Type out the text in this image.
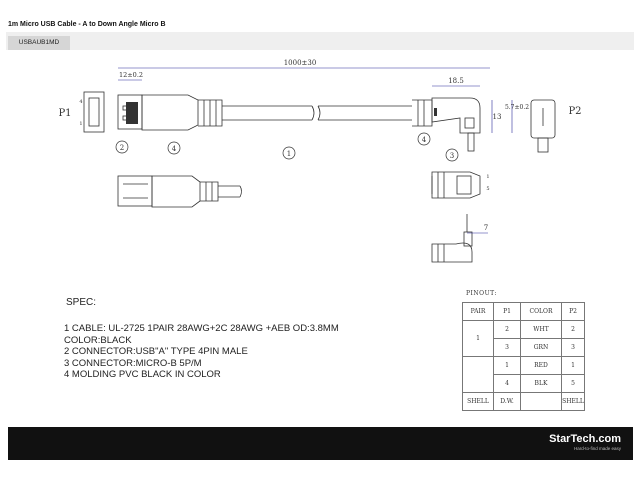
1m Micro USB Cable - A to Down Angle Micro B
USBAUB1MD
2	4
1
4
3
P1	P2
1000±30
12±0.2
18.5
13
5.7±0.2
7
4
1
5
1
SPEC:
1 CABLE: UL-2725 1PAIR 28AWG+2C 28AWG +AEB OD:3.8MM
COLOR:BLACK
2 CONNECTOR:USB"A" TYPE 4PIN MALE
3 CONNECTOR:MICRO-B 5P/M
4 MOLDING PVC BLACK IN COLOR
PINOUT:
PAIR	P1	COLOR	P2
1	2	WHT	2
	3	GRN	3
	1	RED	1
	4	BLK	5
SHELL	D.W.		SHELL
StarTech.com
Hard-to-find made easy
